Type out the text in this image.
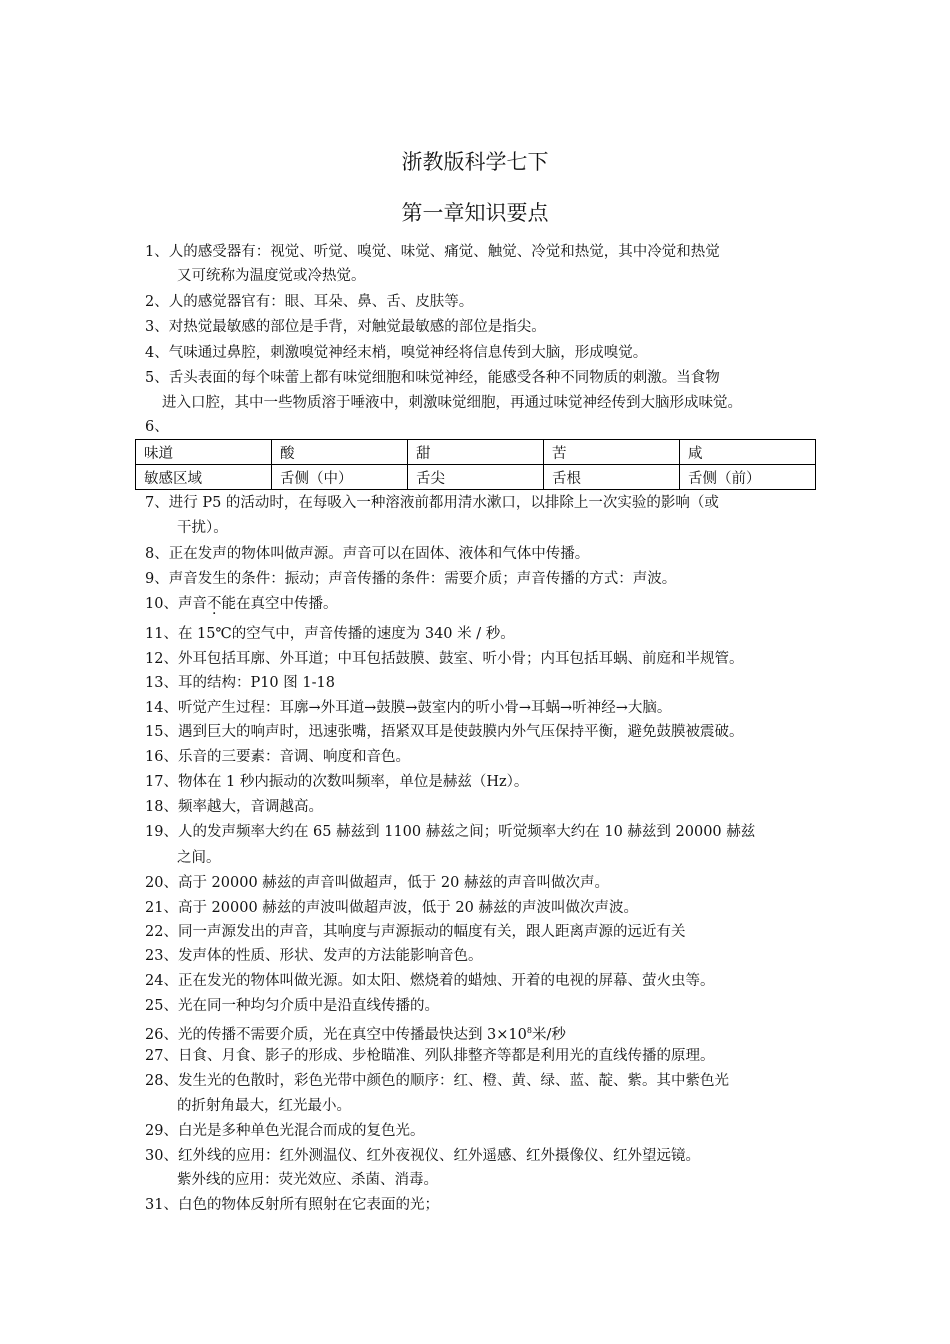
浙教版科学七下
第一章知识要点
1、人的感受器有：视觉、听觉、嗅觉、味觉、痛觉、触觉、冷觉和热觉，其中冷觉和热觉
又可统称为温度觉或冷热觉。
2、人的感觉器官有：眼、耳朵、鼻、舌、皮肤等。
3、对热觉最敏感的部位是手背，对触觉最敏感的部位是指尖。
4、气味通过鼻腔，刺激嗅觉神经末梢，嗅觉神经将信息传到大脑，形成嗅觉。
5、舌头表面的每个味蕾上都有味觉细胞和味觉神经，能感受各种不同物质的刺激。当食物
进入口腔，其中一些物质溶于唾液中，刺激味觉细胞，再通过味觉神经传到大脑形成味觉。
6、
味道	酸	甜	苦	咸
敏感区域	舌侧（中）	舌尖	舌根	舌侧（前）
7、进行 P5 的活动时，在每吸入一种溶液前都用清水漱口，以排除上一次实验的影响（或
干扰）。
8、正在发声的物体叫做声源。声音可以在固体、液体和气体中传播。
9、声音发生的条件：振动；声音传播的条件：需要介质；声音传播的方式：声波。
10、声音不能在真空中传播。
11、在 15℃的空气中，声音传播的速度为 340 米 / 秒。
12、外耳包括耳廓、外耳道；中耳包括鼓膜、鼓室、听小骨；内耳包括耳蜗、前庭和半规管。
13、耳的结构：P10 图 1-18
14、听觉产生过程：耳廓→外耳道→鼓膜→鼓室内的听小骨→耳蜗→听神经→大脑。
15、遇到巨大的响声时，迅速张嘴，捂紧双耳是使鼓膜内外气压保持平衡，避免鼓膜被震破。
16、乐音的三要素：音调、响度和音色。
17、物体在 1 秒内振动的次数叫频率，单位是赫兹（Hz）。
18、频率越大，音调越高。
19、人的发声频率大约在 65 赫兹到 1100 赫兹之间；听觉频率大约在 10 赫兹到 20000 赫兹
之间。
20、高于 20000 赫兹的声音叫做超声，低于 20 赫兹的声音叫做次声。
21、高于 20000 赫兹的声波叫做超声波，低于 20 赫兹的声波叫做次声波。
22、同一声源发出的声音，其响度与声源振动的幅度有关，跟人距离声源的远近有关
23、发声体的性质、形状、发声的方法能影响音色。
24、正在发光的物体叫做光源。如太阳、燃烧着的蜡烛、开着的电视的屏幕、萤火虫等。
25、光在同一种均匀介质中是沿直线传播的。
26、光的传播不需要介质，光在真空中传播最快达到 $3\times 10^8$米/秒
27、日食、月食、影子的形成、步枪瞄准、列队排整齐等都是利用光的直线传播的原理。
28、发生光的色散时，彩色光带中颜色的顺序：红、橙、黄、绿、蓝、靛、紫。其中紫色光
的折射角最大，红光最小。
29、白光是多种单色光混合而成的复色光。
30、红外线的应用：红外测温仪、红外夜视仪、红外遥感、红外摄像仪、红外望远镜。
紫外线的应用：荧光效应、杀菌、消毒。
31、白色的物体反射所有照射在它表面的光；
